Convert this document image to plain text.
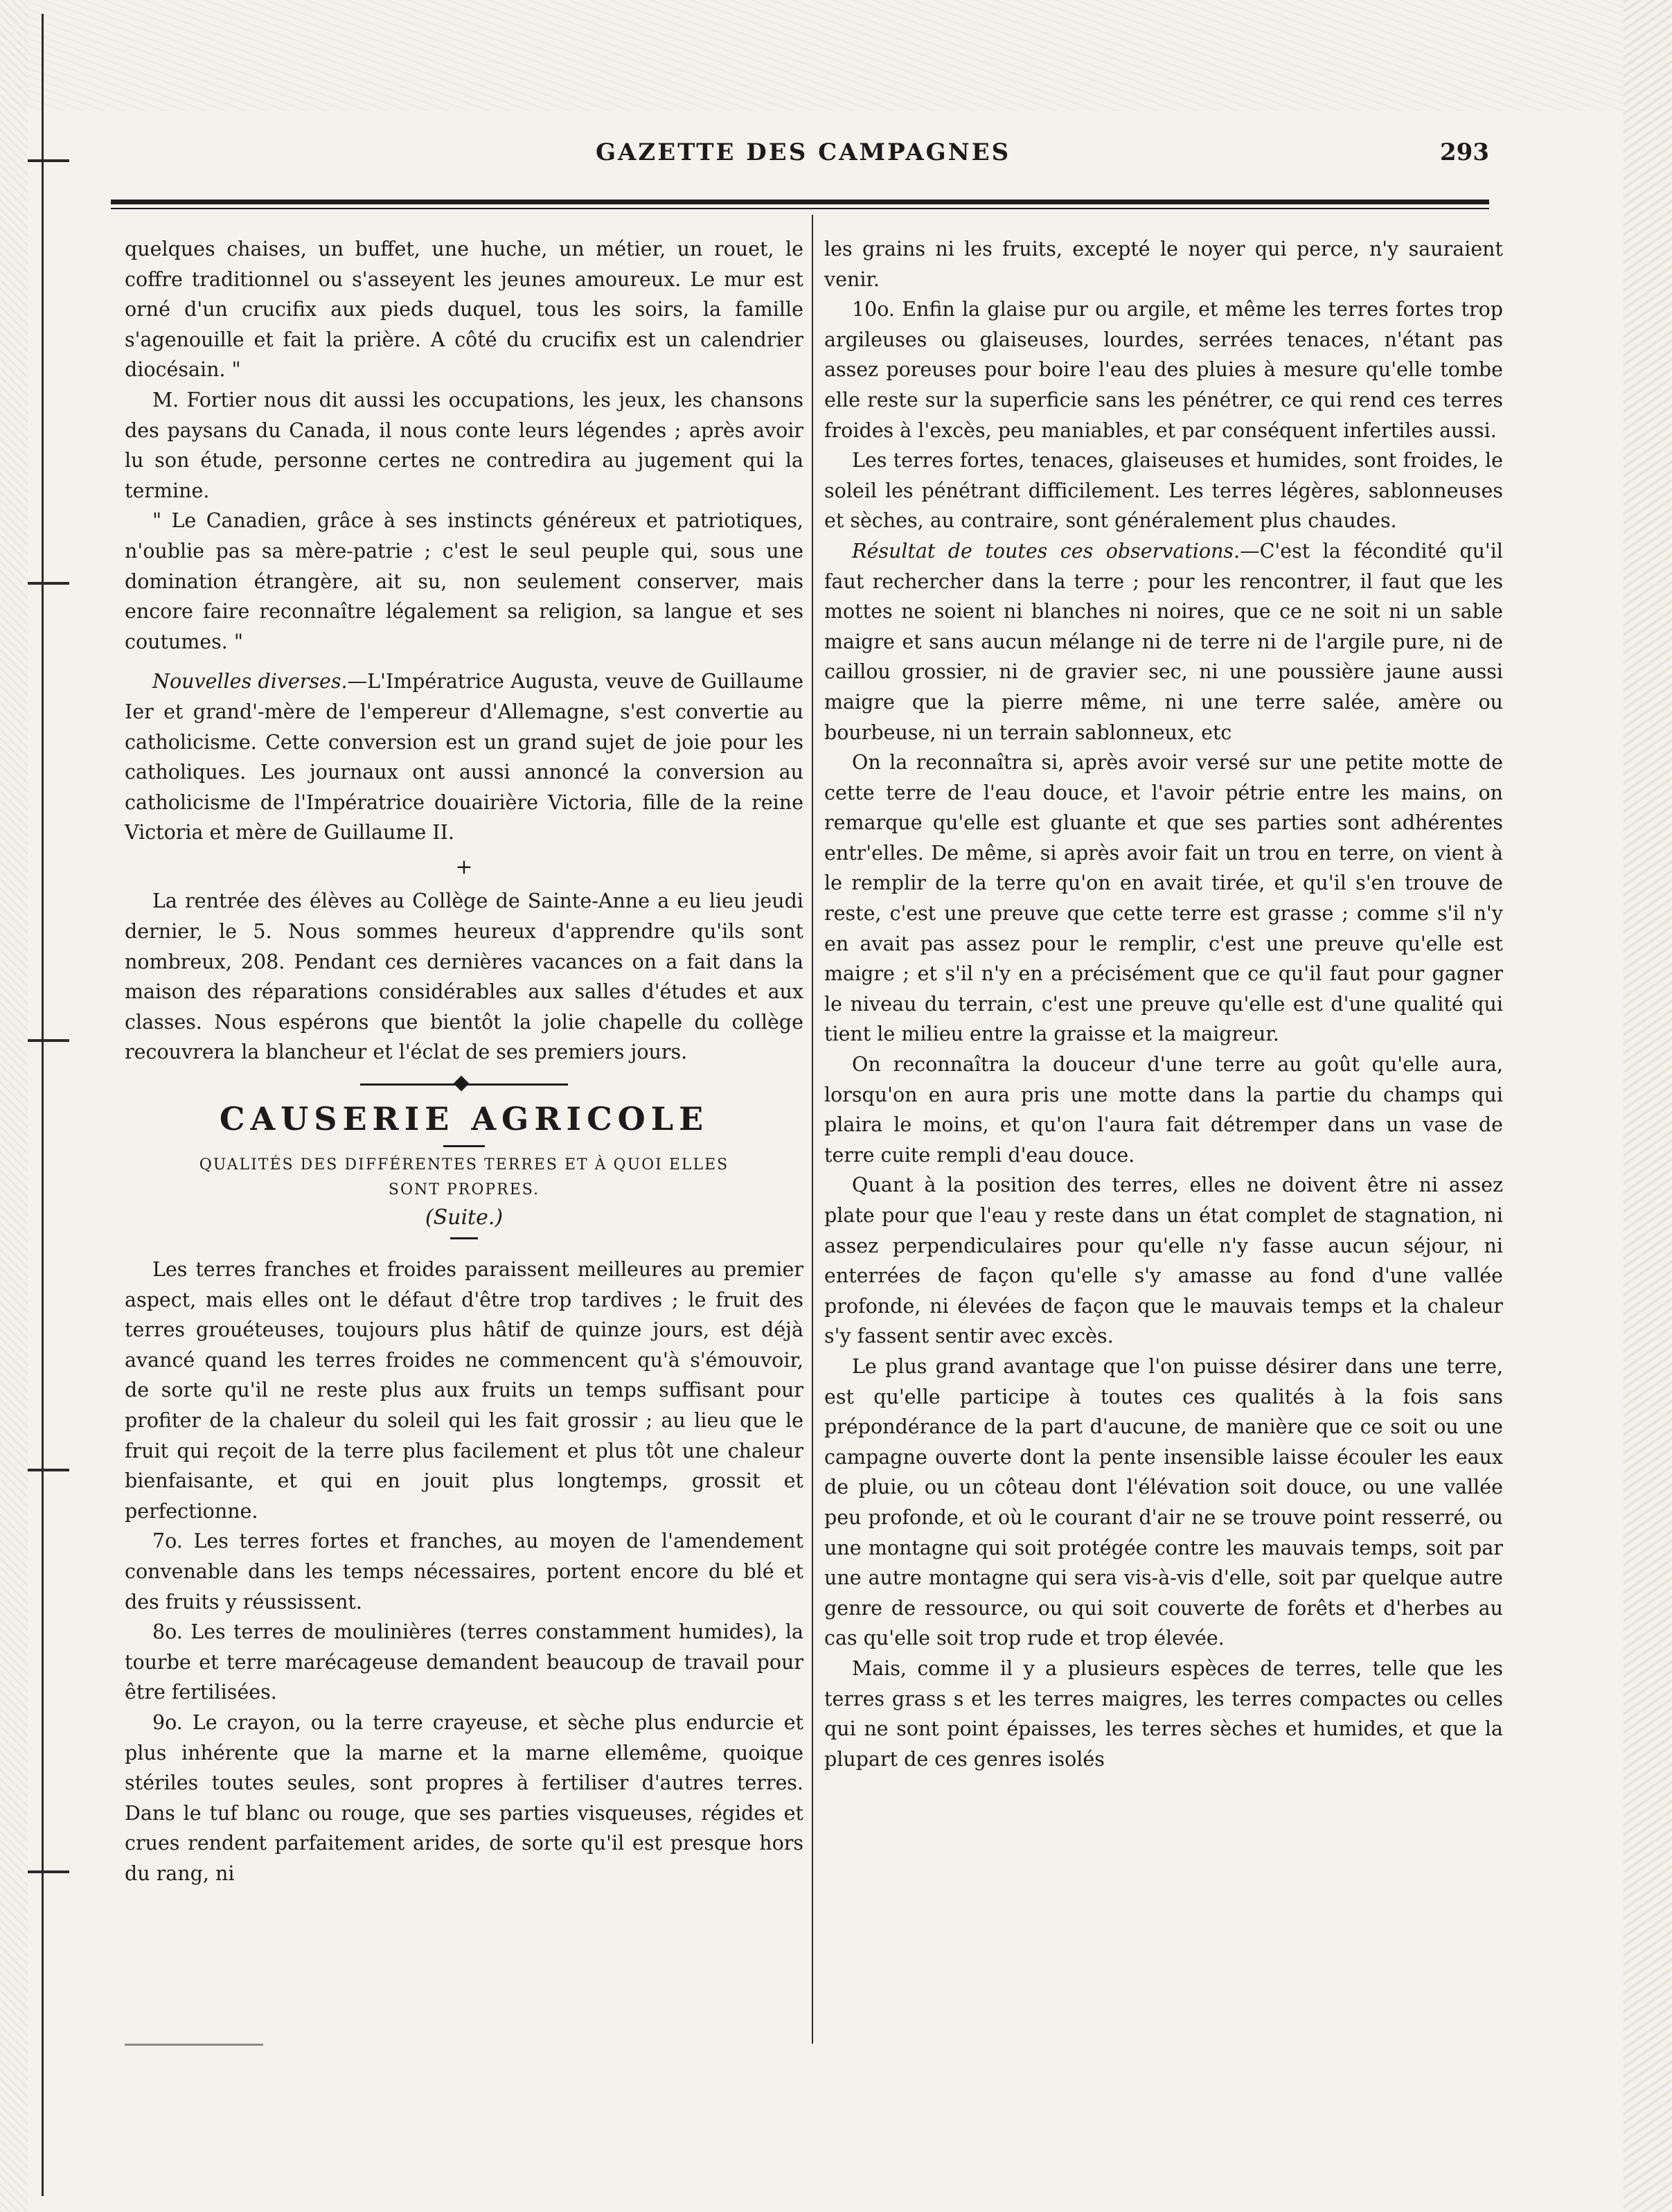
GAZETTE DES CAMPAGNES	293

quelques chaises, un buffet, une huche, un métier, un rouet, le coffre traditionnel ou s'asseyent les jeunes amoureux. Le mur est orné d'un crucifix aux pieds duquel, tous les soirs, la famille s'agenouille et fait la prière. A côté du crucifix est un calendrier diocésain. "

M. Fortier nous dit aussi les occupations, les jeux, les chansons des paysans du Canada, il nous conte leurs légendes ; après avoir lu son étude, personne certes ne contredira au jugement qui la termine.

" Le Canadien, grâce à ses instincts généreux et patriotiques, n'oublie pas sa mère-patrie ; c'est le seul peuple qui, sous une domination étrangère, ait su, non seulement conserver, mais encore faire reconnaître légalement sa religion, sa langue et ses coutumes. "

Nouvelles diverses.—L'Impératrice Augusta, veuve de Guillaume Ier et grand'-mère de l'empereur d'Allemagne, s'est convertie au catholicisme. Cette conversion est un grand sujet de joie pour les catholiques. Les journaux ont aussi annoncé la conversion au catholicisme de l'Impératrice douairière Victoria, fille de la reine Victoria et mère de Guillaume II.

+

La rentrée des élèves au Collège de Sainte-Anne a eu lieu jeudi dernier, le 5. Nous sommes heureux d'apprendre qu'ils sont nombreux, 208. Pendant ces dernières vacances on a fait dans la maison des réparations considérables aux salles d'études et aux classes. Nous espérons que bientôt la jolie chapelle du collège recouvrera la blancheur et l'éclat de ses premiers jours.

CAUSERIE AGRICOLE
QUALITÉS DES DIFFÉRENTES TERRES ET À QUOI ELLES
SONT PROPRES.
(Suite.)

Les terres franches et froides paraissent meilleures au premier aspect, mais elles ont le défaut d'être trop tardives ; le fruit des terres grouéteuses, toujours plus hâtif de quinze jours, est déjà avancé quand les terres froides ne commencent qu'à s'émouvoir, de sorte qu'il ne reste plus aux fruits un temps suffisant pour profiter de la chaleur du soleil qui les fait grossir ; au lieu que le fruit qui reçoit de la terre plus facilement et plus tôt une chaleur bienfaisante, et qui en jouit plus longtemps, grossit et perfectionne.

7o. Les terres fortes et franches, au moyen de l'amendement convenable dans les temps nécessaires, portent encore du blé et des fruits y réussissent.

8o. Les terres de moulinières (terres constamment humides), la tourbe et terre marécageuse demandent beaucoup de travail pour être fertilisées.

9o. Le crayon, ou la terre crayeuse, et sèche plus endurcie et plus inhérente que la marne et la marne ellemême, quoique stériles toutes seules, sont propres à fertiliser d'autres terres. Dans le tuf blanc ou rouge, que ses parties visqueuses, régides et crues rendent parfaitement arides, de sorte qu'il est presque hors du rang, ni

les grains ni les fruits, excepté le noyer qui perce, n'y sauraient venir.

10o. Enfin la glaise pur ou argile, et même les terres fortes trop argileuses ou glaiseuses, lourdes, serrées tenaces, n'étant pas assez poreuses pour boire l'eau des pluies à mesure qu'elle tombe elle reste sur la superficie sans les pénétrer, ce qui rend ces terres froides à l'excès, peu maniables, et par conséquent infertiles aussi.

Les terres fortes, tenaces, glaiseuses et humides, sont froides, le soleil les pénétrant difficilement. Les terres légères, sablonneuses et sèches, au contraire, sont généralement plus chaudes.

Résultat de toutes ces observations.—C'est la fécondité qu'il faut rechercher dans la terre ; pour les rencontrer, il faut que les mottes ne soient ni blanches ni noires, que ce ne soit ni un sable maigre et sans aucun mélange ni de terre ni de l'argile pure, ni de caillou grossier, ni de gravier sec, ni une poussière jaune aussi maigre que la pierre même, ni une terre salée, amère ou bourbeuse, ni un terrain sablonneux, etc

On la reconnaîtra si, après avoir versé sur une petite motte de cette terre de l'eau douce, et l'avoir pétrie entre les mains, on remarque qu'elle est gluante et que ses parties sont adhérentes entr'elles. De même, si après avoir fait un trou en terre, on vient à le remplir de la terre qu'on en avait tirée, et qu'il s'en trouve de reste, c'est une preuve que cette terre est grasse ; comme s'il n'y en avait pas assez pour le remplir, c'est une preuve qu'elle est maigre ; et s'il n'y en a précisément que ce qu'il faut pour gagner le niveau du terrain, c'est une preuve qu'elle est d'une qualité qui tient le milieu entre la graisse et la maigreur.

On reconnaîtra la douceur d'une terre au goût qu'elle aura, lorsqu'on en aura pris une motte dans la partie du champs qui plaira le moins, et qu'on l'aura fait détremper dans un vase de terre cuite rempli d'eau douce.

Quant à la position des terres, elles ne doivent être ni assez plate pour que l'eau y reste dans un état complet de stagnation, ni assez perpendiculaires pour qu'elle n'y fasse aucun séjour, ni enterrées de façon qu'elle s'y amasse au fond d'une vallée profonde, ni élevées de façon que le mauvais temps et la chaleur s'y fassent sentir avec excès.

Le plus grand avantage que l'on puisse désirer dans une terre, est qu'elle participe à toutes ces qualités à la fois sans prépondérance de la part d'aucune, de manière que ce soit ou une campagne ouverte dont la pente insensible laisse écouler les eaux de pluie, ou un côteau dont l'élévation soit douce, ou une vallée peu profonde, et où le courant d'air ne se trouve point resserré, ou une montagne qui soit protégée contre les mauvais temps, soit par une autre montagne qui sera vis-à-vis d'elle, soit par quelque autre genre de ressource, ou qui soit couverte de forêts et d'herbes au cas qu'elle soit trop rude et trop élevée.

Mais, comme il y a plusieurs espèces de terres, telle que les terres grass s et les terres maigres, les terres compactes ou celles qui ne sont point épaisses, les terres sèches et humides, et que la plupart de ces genres isolés
